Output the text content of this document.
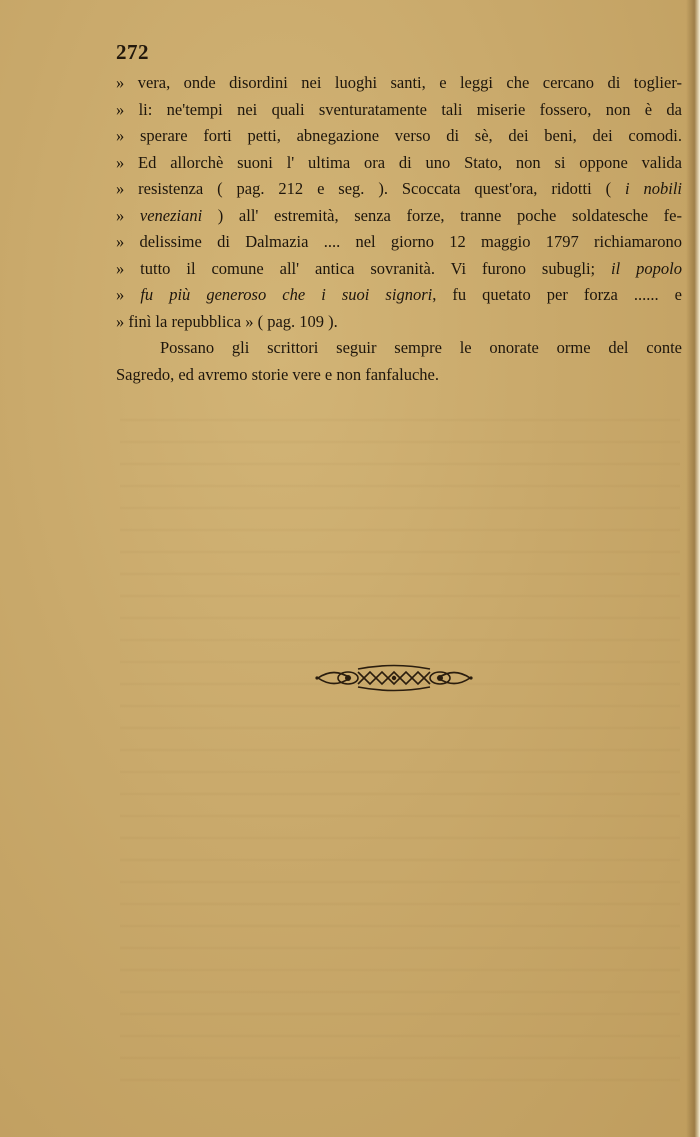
272
» vera, onde disordini nei luoghi santi, e leggi che cercano di toglier-
» li: ne'tempi nei quali sventuratamente tali miserie fossero, non è da
» sperare forti petti, abnegazione verso di sè, dei beni, dei comodi.
» Ed allorchè suoni l' ultima ora di uno Stato, non si oppone valida
» resistenza ( pag. 212 e seg. ). Scoccata quest'ora, ridotti ( i nobili
» veneziani ) all' estremità, senza forze, tranne poche soldatesche fe-
» delissime di Dalmazia .... nel giorno 12 maggio 1797 richiamarono
» tutto il comune all' antica sovranità. Vi furono subugli; il popolo
» fu più generoso che i suoi signori, fu quetato per forza ...... e
» finì la repubblica » ( pag. 109 ).
Possano gli scrittori seguir sempre le onorate orme del conte
Sagredo, ed avremo storie vere e non fanfaluche.
